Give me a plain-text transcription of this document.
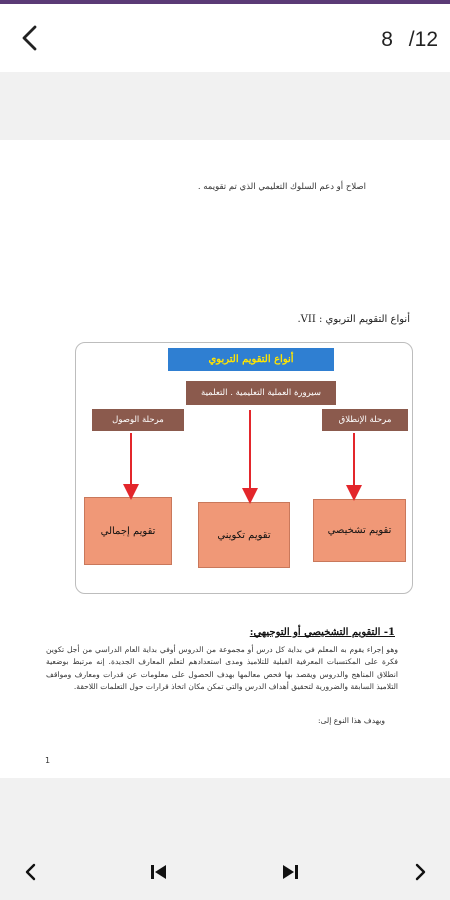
8 /12
اصلاح أو دعم السلوك التعليمي الذي تم تقويمه .
أنواع التقويم التربوي : VII.
أنواع التقويم التربوي
سيرورة العملية التعليمية . التعلمية
مرحلة الوصول	مرحلة الإنطلاق
تقويم إجمالي	تقويم تكويني	تقويم تشخيصي
1- التقويم التشخيصي أو التوجيهي:
وهو إجراء يقوم به المعلم في بداية كل درس أو مجموعة من الدروس أوفي بداية العام الدراسي من أجل تكوين فكرة على المكتسبات المعرفية القبلية للتلاميذ ومدى استعدادهم لتعلم المعارف الجديدة. إنه مرتبط بوضعية انطلاق المناهج والدروس ويقصد بها فحص معالمها بهدف الحصول على معلومات عن قدرات ومعارف ومواقف التلاميذ السابقة والضرورية لتحقيق أهداف الدرس والتي تمكن مكان اتخاذ قرارات حول التعلمات اللاحقة.
ويهدف هذا النوع إلى:
1
